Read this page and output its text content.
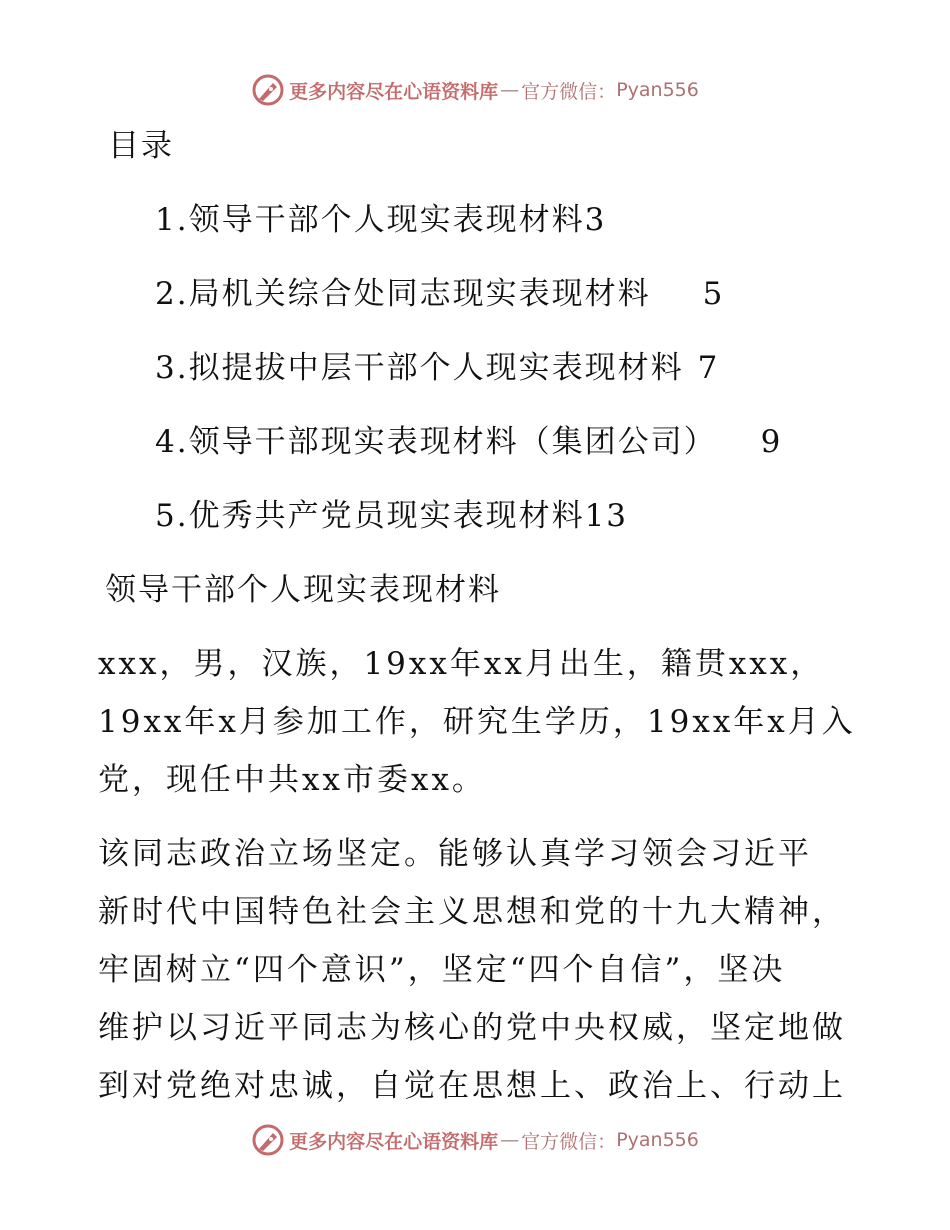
更多内容尽在心语资料库 — 官方微信： Pyan556

目录

1.领导干部个人现实表现材料3

2.局机关综合处同志现实表现材料 5

3.拟提拔中层干部个人现实表现材料 7

4.领导干部现实表现材料（集团公司） 9

5.优秀共产党员现实表现材料13

领导干部个人现实表现材料

xxx，男，汉族，19xx年xx月出生，籍贯xxx，

19xx年x月参加工作，研究生学历，19xx年x月入

党，现任中共xx市委xx。

该同志政治立场坚定。能够认真学习领会习近平

新时代中国特色社会主义思想和党的十九大精神，

牢固树立“四个意识”，坚定“四个自信”，坚决

维护以习近平同志为核心的党中央权威，坚定地做

到对党绝对忠诚，自觉在思想上、政治上、行动上

更多内容尽在心语资料库 — 官方微信： Pyan556
